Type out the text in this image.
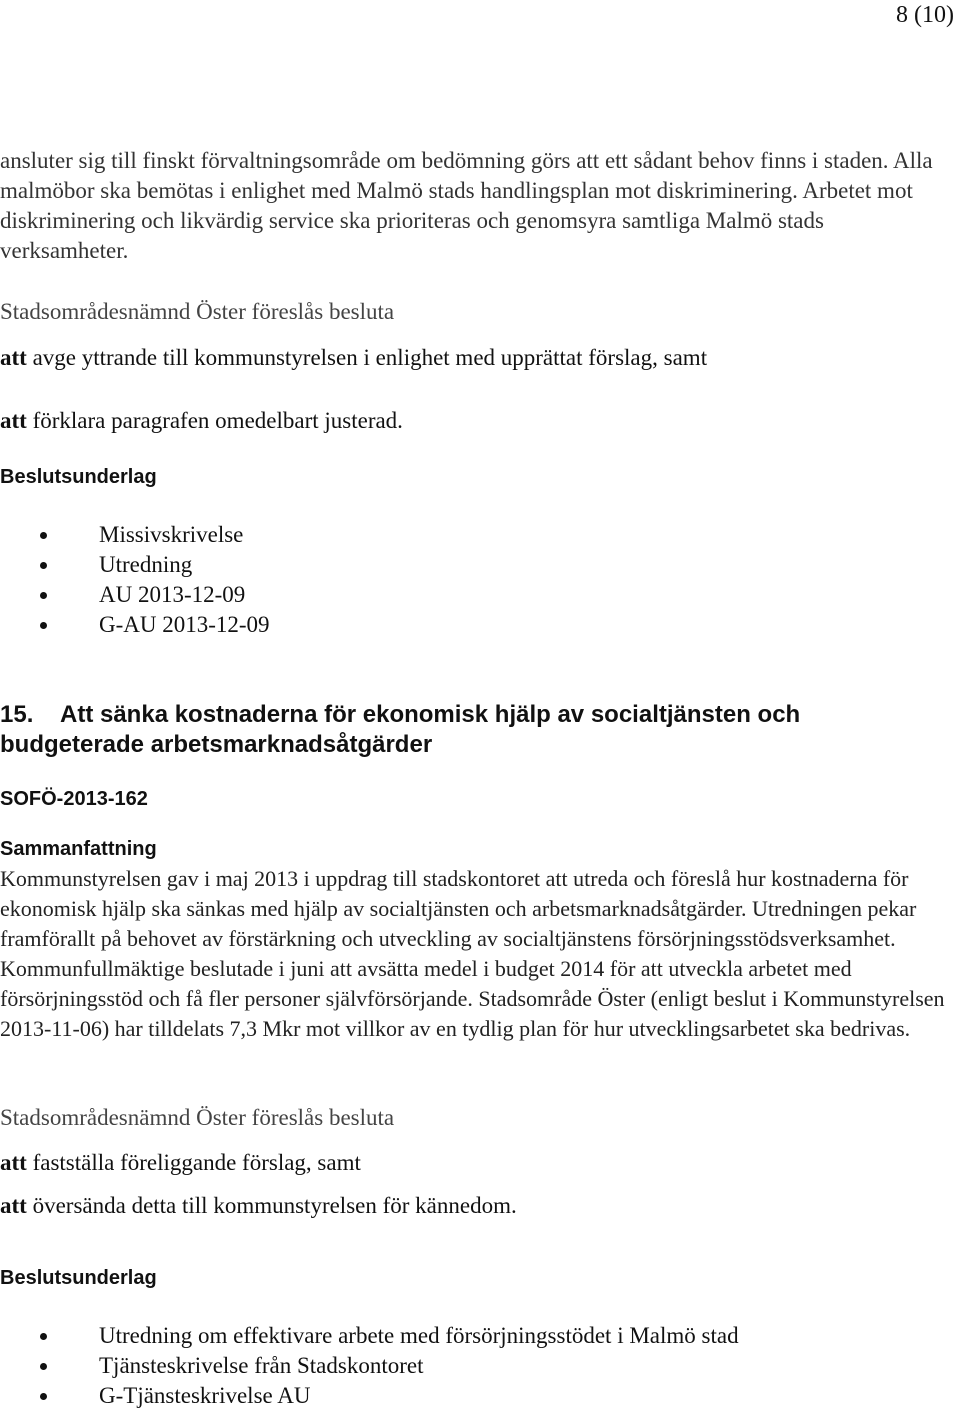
8 (10)

ansluter sig till finskt förvaltningsområde om bedömning görs att ett sådant behov finns i staden. Alla malmöbor ska bemötas i enlighet med Malmö stads handlingsplan mot diskriminering. Arbetet mot diskriminering och likvärdig service ska prioriteras och genomsyra samtliga Malmö stads verksamheter.

Stadsområdesnämnd Öster föreslås besluta

att avge yttrande till kommunstyrelsen i enlighet med upprättat förslag, samt

att förklara paragrafen omedelbart justerad.

Beslutsunderlag

Missivskrivelse
Utredning
AU 2013-12-09
G-AU 2013-12-09
15. Att sänka kostnaderna för ekonomisk hjälp av socialtjänsten och
budgeterade arbetsmarknadsåtgärder

SOFÖ-2013-162

Sammanfattning

Kommunstyrelsen gav i maj 2013 i uppdrag till stadskontoret att utreda och föreslå hur kostnaderna för ekonomisk hjälp ska sänkas med hjälp av socialtjänsten och arbetsmarknadsåtgärder. Utredningen pekar framförallt på behovet av förstärkning och utveckling av socialtjänstens försörjningsstödsverksamhet. Kommunfullmäktige beslutade i juni att avsätta medel i budget 2014 för att utveckla arbetet med försörjningsstöd och få fler personer självförsörjande. Stadsområde Öster (enligt beslut i Kommunstyrelsen 2013-11-06) har tilldelats 7,3 Mkr mot villkor av en tydlig plan för hur utvecklingsarbetet ska bedrivas.

Stadsområdesnämnd Öster föreslås besluta

att fastställa föreliggande förslag, samt

att översända detta till kommunstyrelsen för kännedom.

Beslutsunderlag

Utredning om effektivare arbete med försörjningsstödet i Malmö stad
Tjänsteskrivelse från Stadskontoret
G-Tjänsteskrivelse AU
